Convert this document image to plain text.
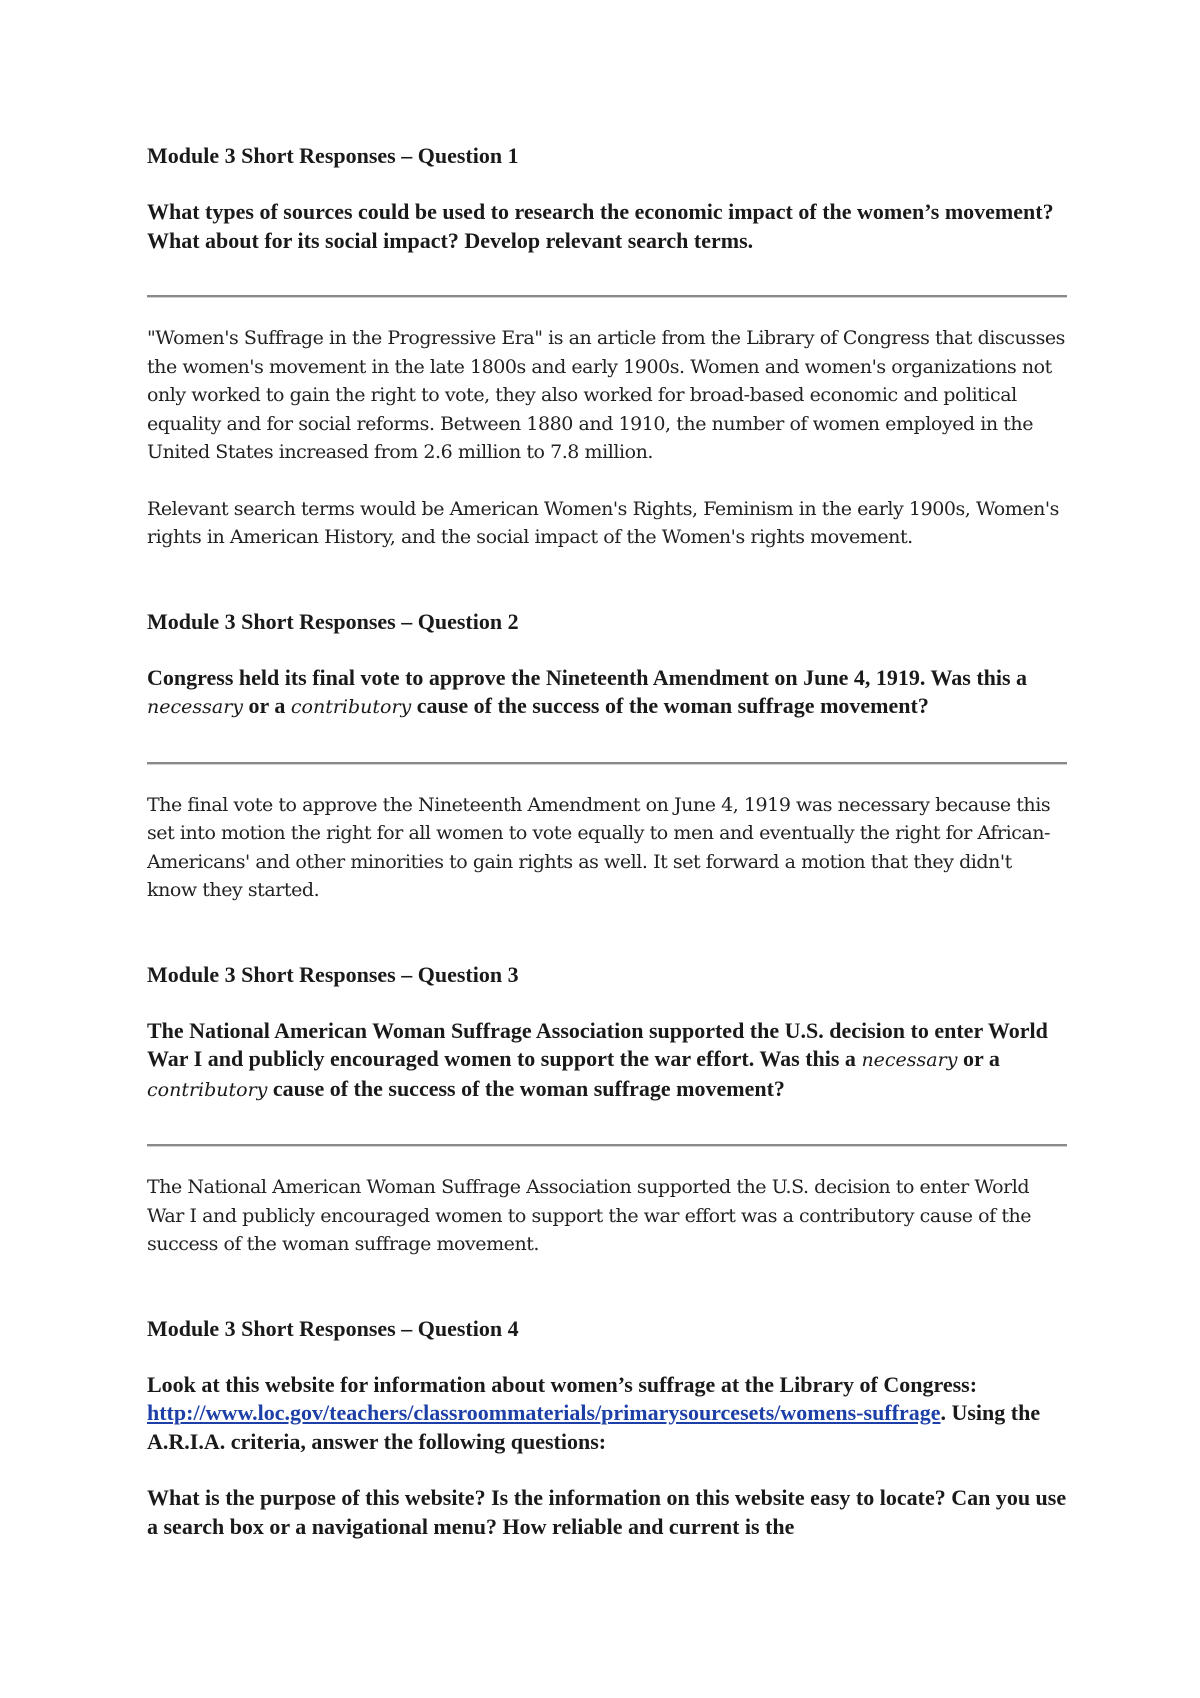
Module 3 Short Responses – Question 1

What types of sources could be used to research the economic impact of the women’s movement? What about for its social impact? Develop relevant search terms.

"Women's Suffrage in the Progressive Era" is an article from the Library of Congress that discusses the women's movement in the late 1800s and early 1900s. Women and women's organizations not only worked to gain the right to vote, they also worked for broad-based economic and political equality and for social reforms. Between 1880 and 1910, the number of women employed in the United States increased from 2.6 million to 7.8 million.

Relevant search terms would be American Women's Rights, Feminism in the early 1900s, Women's rights in American History, and the social impact of the Women's rights movement.

Module 3 Short Responses – Question 2

Congress held its final vote to approve the Nineteenth Amendment on June 4, 1919. Was this a necessary or a contributory cause of the success of the woman suffrage movement?

The final vote to approve the Nineteenth Amendment on June 4, 1919 was necessary because this set into motion the right for all women to vote equally to men and eventually the right for African-Americans' and other minorities to gain rights as well. It set forward a motion that they didn't know they started.

Module 3 Short Responses – Question 3

The National American Woman Suffrage Association supported the U.S. decision to enter World War I and publicly encouraged women to support the war effort. Was this a necessary or a contributory cause of the success of the woman suffrage movement?

The National American Woman Suffrage Association supported the U.S. decision to enter World War I and publicly encouraged women to support the war effort was a contributory cause of the success of the woman suffrage movement.

Module 3 Short Responses – Question 4

Look at this website for information about women’s suffrage at the Library of Congress: http://www.loc.gov/teachers/classroommaterials/primarysourcesets/womens-suffrage. Using the A.R.I.A. criteria, answer the following questions:

What is the purpose of this website? Is the information on this website easy to locate? Can you use a search box or a navigational menu? How reliable and current is the
